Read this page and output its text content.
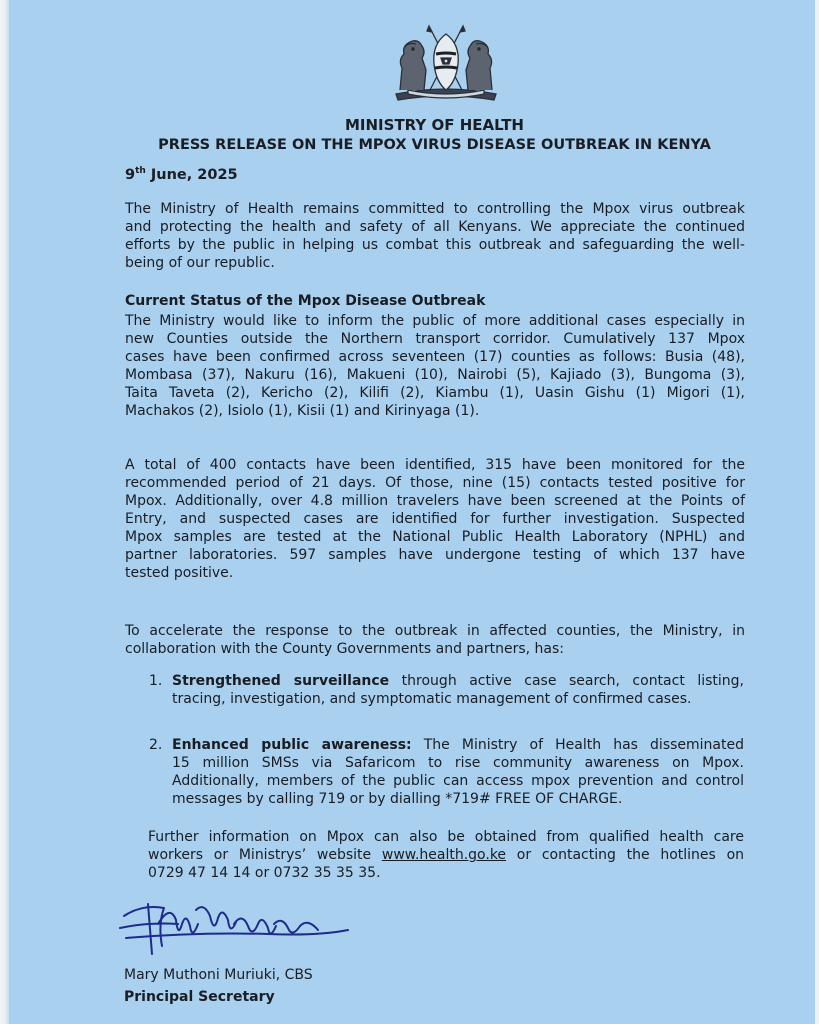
MINISTRY OF HEALTH
PRESS RELEASE ON THE MPOX VIRUS DISEASE OUTBREAK IN KENYA
9th June, 2025
The Ministry of Health remains committed to controlling the Mpox virus outbreak
and protecting the health and safety of all Kenyans. We appreciate the continued
efforts by the public in helping us combat this outbreak and safeguarding the well-
being of our republic.
Current Status of the Mpox Disease Outbreak
The Ministry would like to inform the public of more additional cases especially in
new Counties outside the Northern transport corridor. Cumulatively 137 Mpox
cases have been confirmed across seventeen (17) counties as follows: Busia (48),
Mombasa (37), Nakuru (16), Makueni (10), Nairobi (5), Kajiado (3), Bungoma (3),
Taita Taveta (2), Kericho (2), Kilifi (2), Kiambu (1), Uasin Gishu (1) Migori (1),
Machakos (2), Isiolo (1), Kisii (1) and Kirinyaga (1).
A total of 400 contacts have been identified, 315 have been monitored for the
recommended period of 21 days. Of those, nine (15) contacts tested positive for
Mpox. Additionally, over 4.8 million travelers have been screened at the Points of
Entry, and suspected cases are identified for further investigation. Suspected
Mpox samples are tested at the National Public Health Laboratory (NPHL) and
partner laboratories. 597 samples have undergone testing of which 137 have
tested positive.
To accelerate the response to the outbreak in affected counties, the Ministry, in
collaboration with the County Governments and partners, has:
1. Strengthened surveillance through active case search, contact listing,
tracing, investigation, and symptomatic management of confirmed cases.
2. Enhanced public awareness: The Ministry of Health has disseminated
15 million SMSs via Safaricom to rise community awareness on Mpox.
Additionally, members of the public can access mpox prevention and control
messages by calling 719 or by dialling *719# FREE OF CHARGE.
Further information on Mpox can also be obtained from qualified health care
workers or Ministrys’ website www.health.go.ke or contacting the hotlines on
0729 47 14 14 or 0732 35 35 35.
Mary Muthoni Muriuki, CBS
Principal Secretary
